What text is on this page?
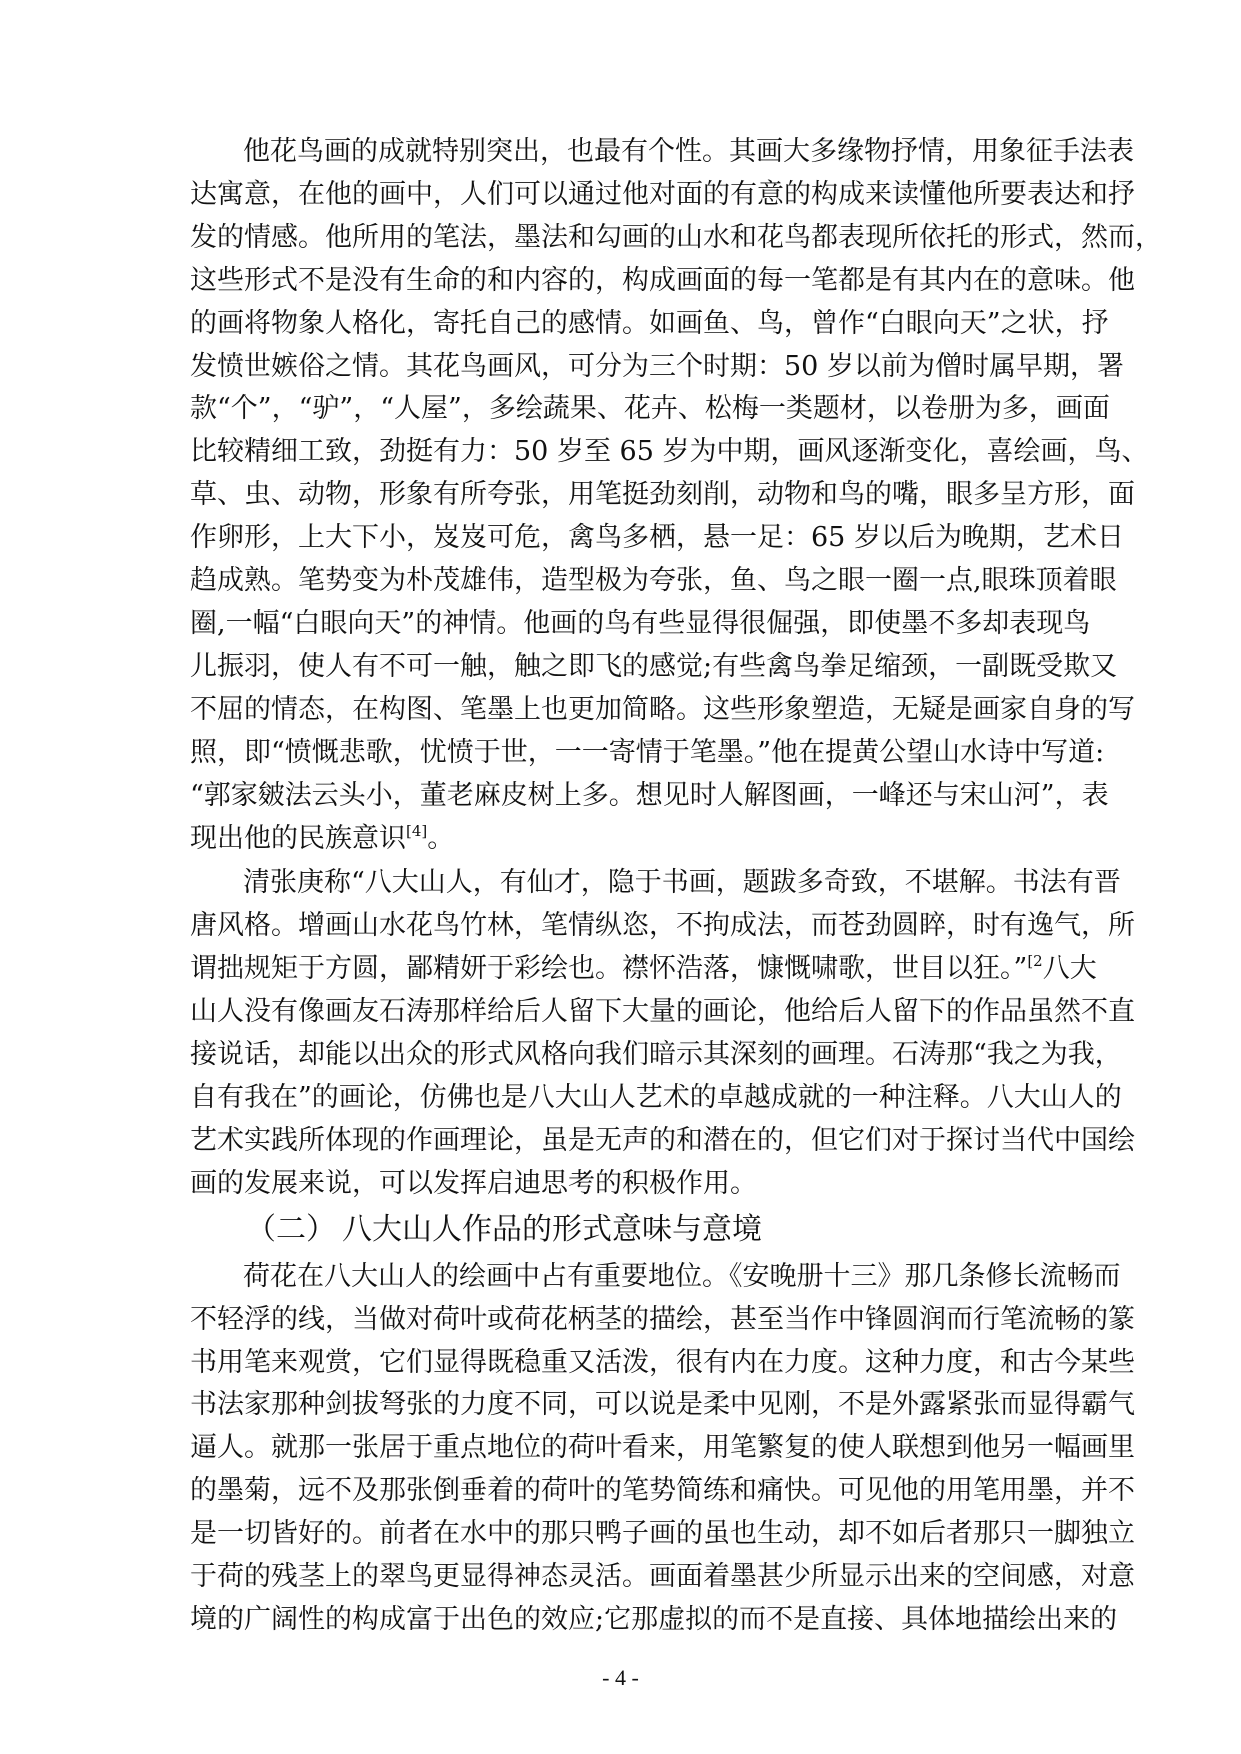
他花鸟画的成就特别突出，也最有个性。其画大多缘物抒情，用象征手法表
达寓意，在他的画中，人们可以通过他对面的有意的构成来读懂他所要表达和抒
发的情感。他所用的笔法，墨法和勾画的山水和花鸟都表现所依托的形式，然而，
这些形式不是没有生命的和内容的，构成画面的每一笔都是有其内在的意味。他
的画将物象人格化，寄托自己的感情。如画鱼、鸟，曾作“白眼向天”之状，抒
发愤世嫉俗之情。其花鸟画风，可分为三个时期：50 岁以前为僧时属早期，署
款“个”，“驴”，“人屋”，多绘蔬果、花卉、松梅一类题材，以卷册为多，画面
比较精细工致，劲挺有力：50 岁至 65 岁为中期，画风逐渐变化，喜绘画，鸟、
草、虫、动物，形象有所夸张，用笔挺劲刻削，动物和鸟的嘴，眼多呈方形，面
作卵形，上大下小，岌岌可危，禽鸟多栖，悬一足：65 岁以后为晚期，艺术日
趋成熟。笔势变为朴茂雄伟，造型极为夸张，鱼、鸟之眼一圈一点,眼珠顶着眼
圈,一幅“白眼向天”的神情。他画的鸟有些显得很倔强，即使墨不多却表现鸟
儿振羽，使人有不可一触，触之即飞的感觉;有些禽鸟拳足缩颈，一副既受欺又
不屈的情态，在构图、笔墨上也更加简略。这些形象塑造，无疑是画家自身的写
照，即“愤慨悲歌，忧愤于世，一一寄情于笔墨。”他在提黄公望山水诗中写道:
“郭家皴法云头小，董老麻皮树上多。想见时人解图画，一峰还与宋山河”，表
现出他的民族意识[4]。
清张庚称“八大山人，有仙才，隐于书画，题跋多奇致，不堪解。书法有晋
唐风格。增画山水花鸟竹林，笔情纵恣，不拘成法，而苍劲圆睟，时有逸气，所
谓拙规矩于方圆，鄙精妍于彩绘也。襟怀浩落，慷慨啸歌，世目以狂。”$^{[2}$八大
山人没有像画友石涛那样给后人留下大量的画论，他给后人留下的作品虽然不直
接说话，却能以出众的形式风格向我们暗示其深刻的画理。石涛那“我之为我，
自有我在”的画论，仿佛也是八大山人艺术的卓越成就的一种注释。八大山人的
艺术实践所体现的作画理论，虽是无声的和潜在的，但它们对于探讨当代中国绘
画的发展来说，可以发挥启迪思考的积极作用。
（二） 八大山人作品的形式意味与意境
荷花在八大山人的绘画中占有重要地位。《安晚册十三》那几条修长流畅而
不轻浮的线，当做对荷叶或荷花柄茎的描绘，甚至当作中锋圆润而行笔流畅的篆
书用笔来观赏，它们显得既稳重又活泼，很有内在力度。这种力度，和古今某些
书法家那种剑拔弩张的力度不同，可以说是柔中见刚，不是外露紧张而显得霸气
逼人。就那一张居于重点地位的荷叶看来，用笔繁复的使人联想到他另一幅画里
的墨菊，远不及那张倒垂着的荷叶的笔势简练和痛快。可见他的用笔用墨，并不
是一切皆好的。前者在水中的那只鸭子画的虽也生动，却不如后者那只一脚独立
于荷的残茎上的翠鸟更显得神态灵活。画面着墨甚少所显示出来的空间感，对意
境的广阔性的构成富于出色的效应;它那虚拟的而不是直接、具体地描绘出来的
- 4 -
